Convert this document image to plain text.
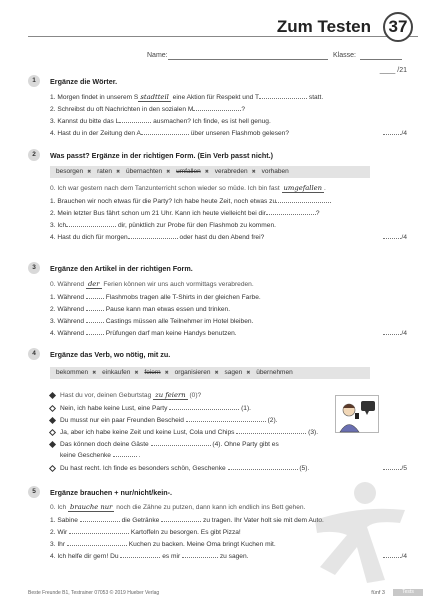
Zum Testen	37
Name:	Klasse:
____ /21
1	Ergänze die Wörter.
1. Morgen findet in unserem S stadtteil eine Aktion für Respekt und T	statt.
2. Schreibst du oft Nachrichten in den sozialen M	?
3. Kannst du bitte das L	ausmachen? Ich finde, es ist hell genug.
4. Hast du in der Zeitung den A	über unseren Flashmob gelesen?	/4
2	Was passt? Ergänze in der richtigen Form. (Ein Verb passt nicht.)
besorgen ✖ raten ✖ übernachten ✖ umfallen ✖ verabreden ✖ vorhaben
0. Ich war gestern nach dem Tanzunterricht schon wieder so müde. Ich bin fast umgefallen .
1. Brauchen wir noch etwas für die Party? Ich habe heute Zeit, noch etwas zu
2. Mein letzter Bus fährt schon um 21 Uhr. Kann ich heute vielleicht bei dir	?
3. Ich	dir, pünktlich zur Probe für den Flashmob zu kommen.
4. Hast du dich für morgen	oder hast du den Abend frei?	/4
3	Ergänze den Artikel in der richtigen Form.
0. Während der Ferien können wir uns auch vormittags verabreden.
1. Während	Flashmobs tragen alle T-Shirts in der gleichen Farbe.
2. Während	Pause kann man etwas essen und trinken.
3. Während	Castings müssen alle Teilnehmer im Hotel bleiben.
4. Während	Prüfungen darf man keine Handys benutzen.	/4
4	Ergänze das Verb, wo nötig, mit zu.
bekommen ✖ einkaufen ✖ feiern ✖ organisieren ✖ sagen ✖ übernehmen
Hast du vor, deinen Geburtstag zu feiern (0)?
Nein, ich habe keine Lust, eine Party	(1).
Du musst nur ein paar Freunden Bescheid	(2).
Ja, aber ich habe keine Zeit und keine Lust, Cola und Chips	(3).
Das können doch deine Gäste	(4). Ohne Party gibt es
keine Geschenke	.
Du hast recht. Ich finde es besonders schön, Geschenke	(5).	/5
5	Ergänze brauchen + nur/nicht/kein-.
0. Ich brauche nur noch die Zähne zu putzen, dann kann ich endlich ins Bett gehen.
1. Sabine	die Getränke	zu tragen. Ihr Vater holt sie mit dem Auto.
2. Wir	Kartoffeln zu besorgen. Es gibt Pizza!
3. Ihr	Kuchen zu backen. Meine Oma bringt Kuchen mit.
4. Ich helfe dir gern! Du	es mir	zu sagen.	/4
Beste Freunde B1, Testrainer 07053 © 2019 Hueber Verlag	fünf 3	Tests
